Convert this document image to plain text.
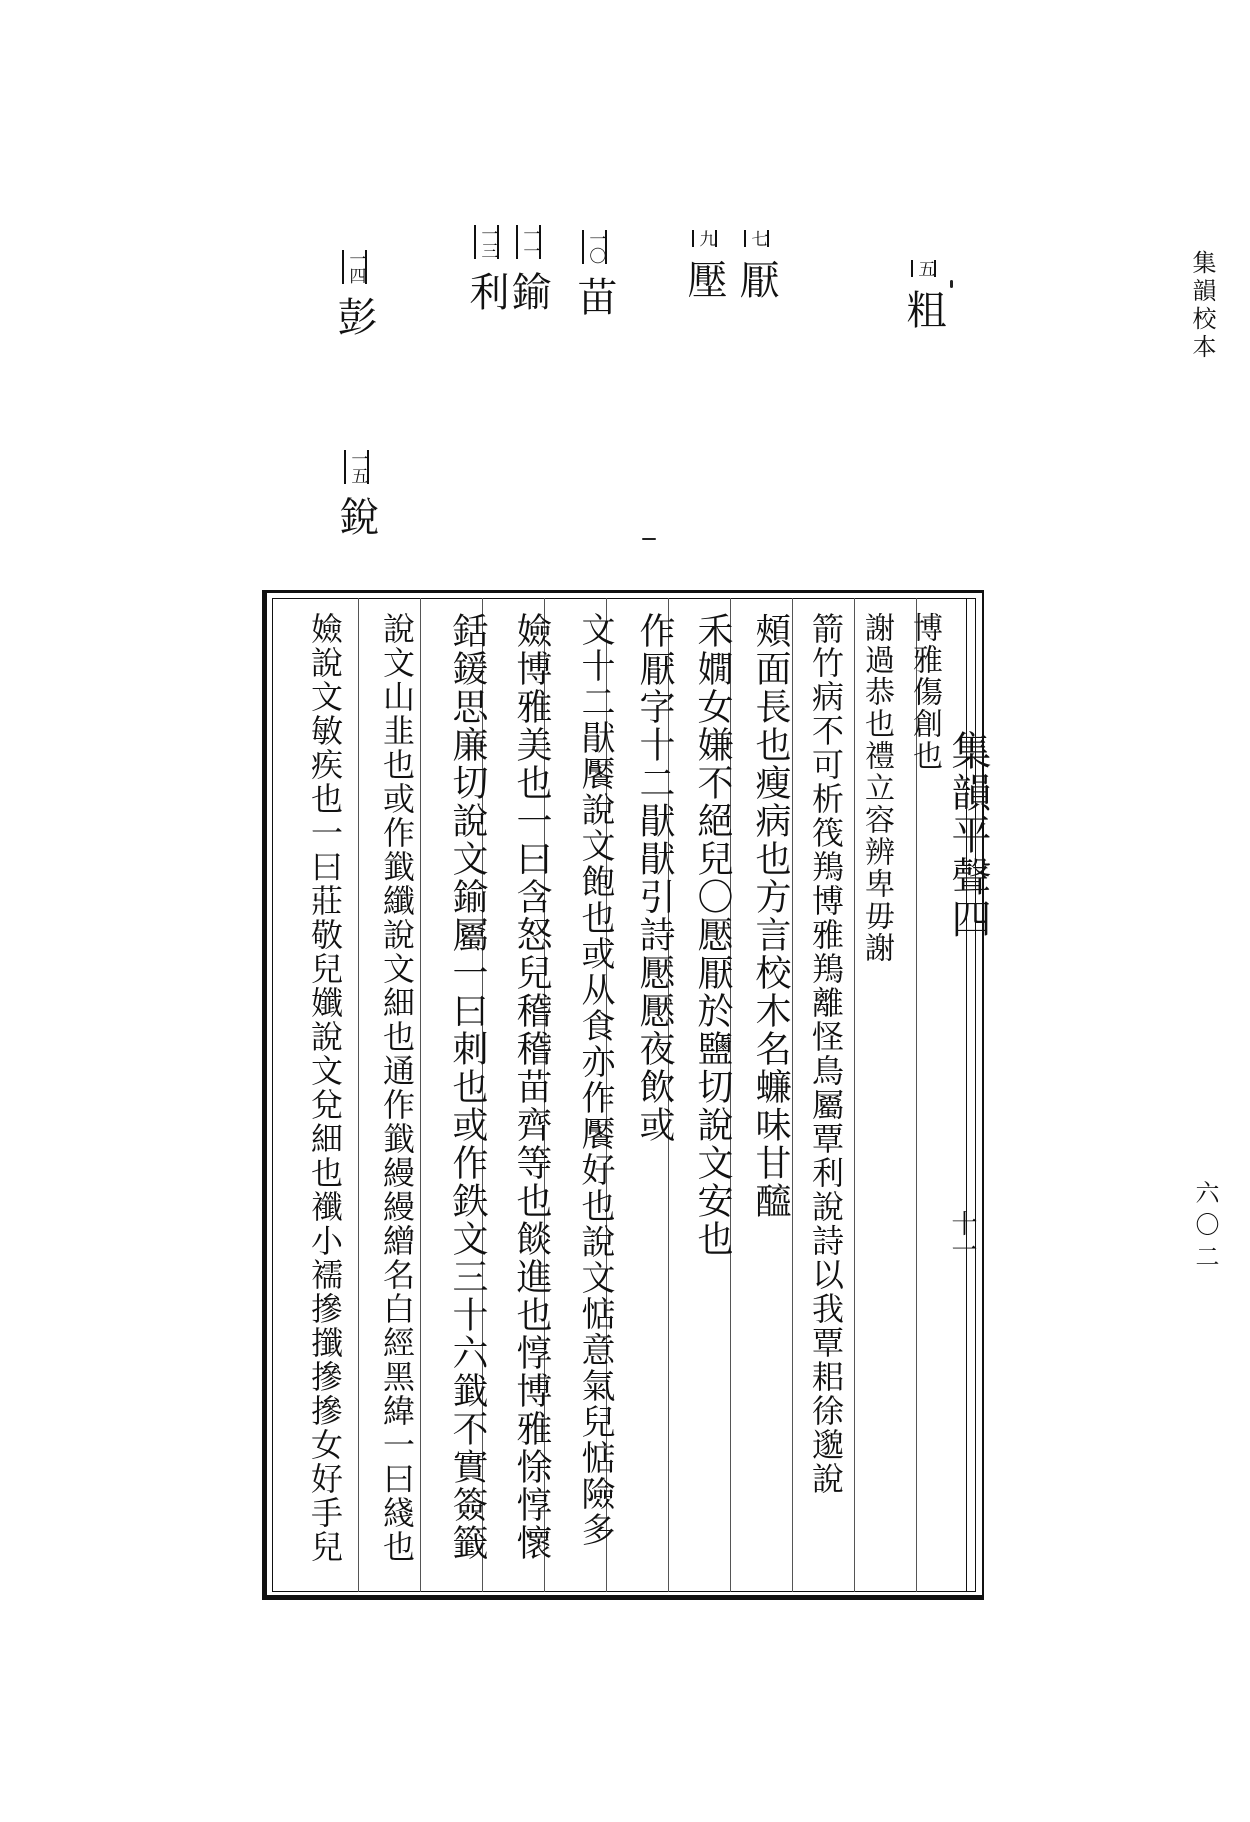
集韻校本
六〇二
五
粗
七
厭
九
壓
一〇
苗
一一
鍮
一三
利
一四
彭
一五
銳
集韻平聲四
十一
博雅傷創也
謝過恭也禮立容辨卑毋謝
箭竹病不可析筏鴹博雅鴹離怪鳥屬覃利說詩以我覃耜徐邈說
頰面長也瘦病也方言校木名蠊味甘醯
禾嫺女嫌不絕兒〇懕厭於鹽切說文安也
作厭字十二猒猒引詩懕懕夜飲或
文十二猒饜說文飽也或从食亦作饜好也說文惦意氣兒惦險多
嬐博雅美也一曰含怒兒稽稽苗齊等也餤進也惇博雅悇惇懷
銛鍰思廉切說文鍮屬一曰刺也或作鉄文三十六韱不實簽籤
說文山韭也或作韱纖說文細也通作韱縵縵繒名白經黑緯一曰綫也
嬐說文敏疾也一曰莊敬兒孅說文兌細也襳小襦摻攕摻摻女好手兒
